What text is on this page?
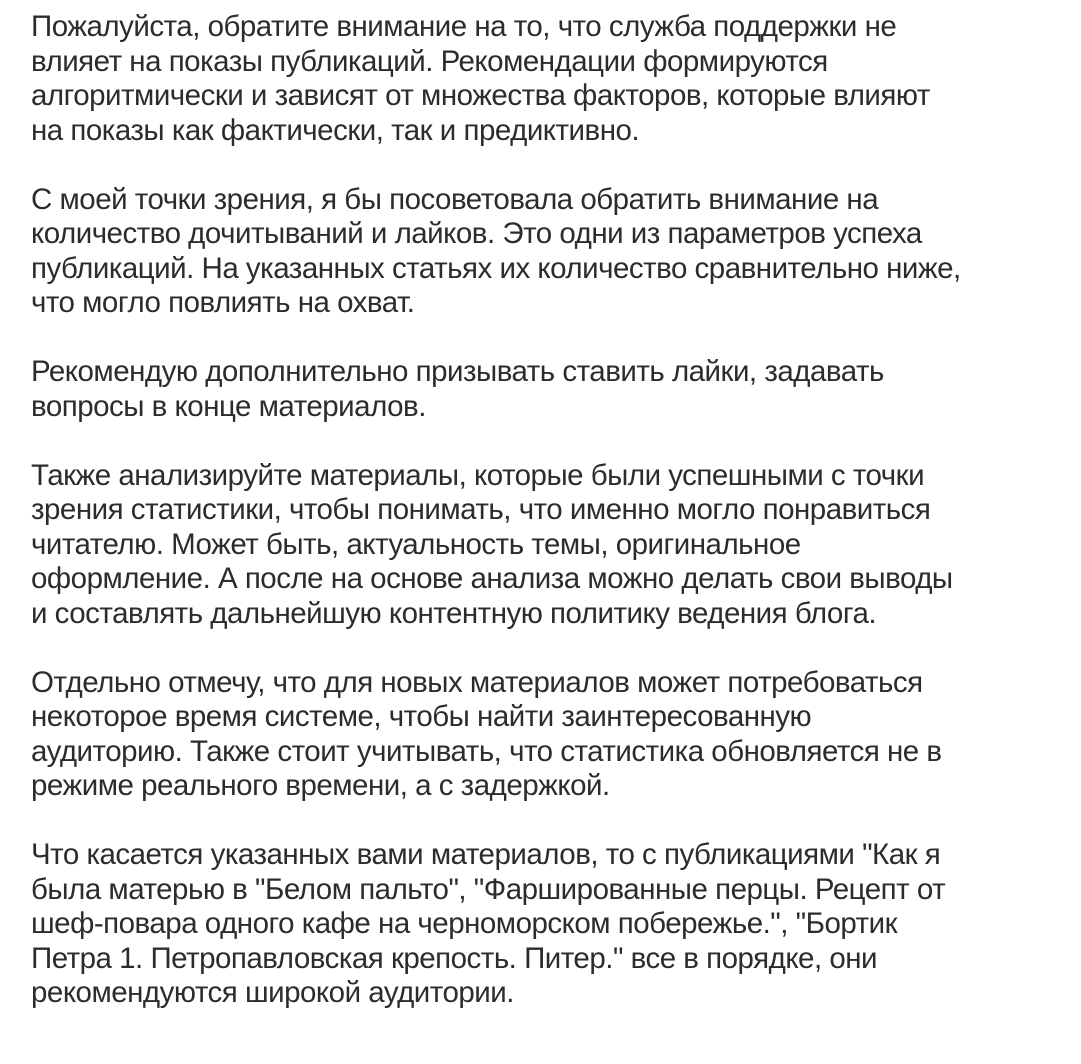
Пожалуйста, обратите внимание на то, что служба поддержки не
влияет на показы публикаций. Рекомендации формируются
алгоритмически и зависят от множества факторов, которые влияют
на показы как фактически, так и предиктивно.

С моей точки зрения, я бы посоветовала обратить внимание на
количество дочитываний и лайков. Это одни из параметров успеха
публикаций. На указанных статьях их количество сравнительно ниже,
что могло повлиять на охват.

Рекомендую дополнительно призывать ставить лайки, задавать
вопросы в конце материалов.

Также анализируйте материалы, которые были успешными с точки
зрения статистики, чтобы понимать, что именно могло понравиться
читателю. Может быть, актуальность темы, оригинальное
оформление. А после на основе анализа можно делать свои выводы
и составлять дальнейшую контентную политику ведения блога.

Отдельно отмечу, что для новых материалов может потребоваться
некоторое время системе, чтобы найти заинтересованную
аудиторию. Также стоит учитывать, что статистика обновляется не в
режиме реального времени, а с задержкой.

Что касается указанных вами материалов, то с публикациями "Как я
была матерью в "Белом пальто", "Фаршированные перцы. Рецепт от
шеф-повара одного кафе на черноморском побережье.", "Бортик
Петра 1. Петропавловская крепость. Питер." все в порядке, они
рекомендуются широкой аудитории.
